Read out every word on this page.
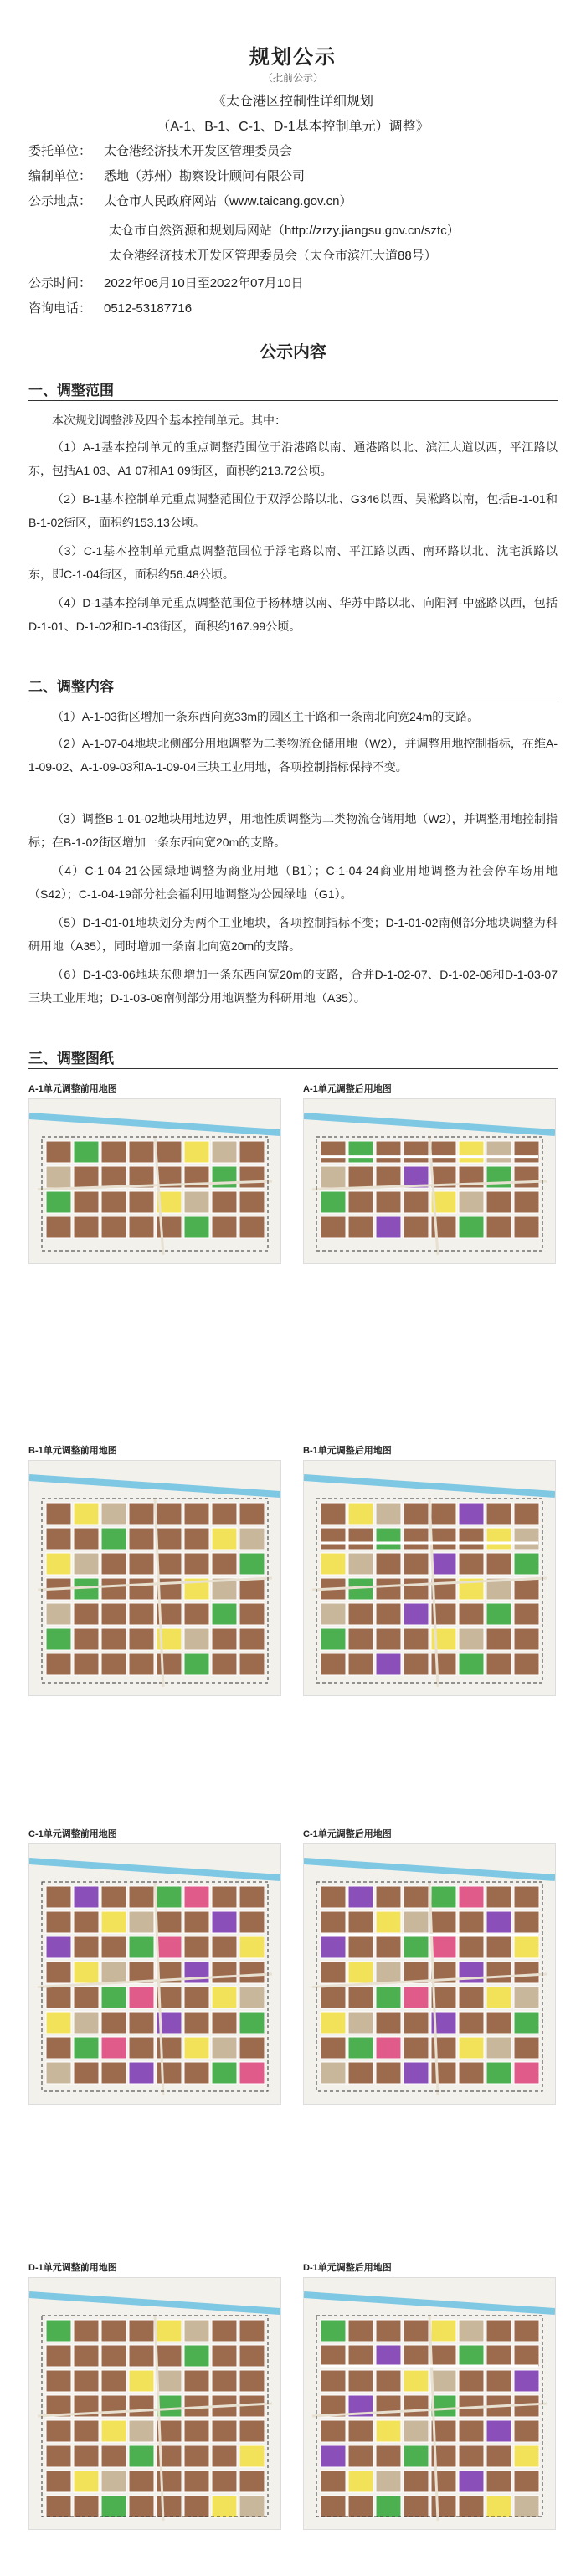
规划公示
（批前公示）
《太仓港区控制性详细规划
（A-1、B-1、C-1、D-1基本控制单元）调整》
委托单位： 太仓港经济技术开发区管理委员会
编制单位： 悉地（苏州）勘察设计顾问有限公司
公示地点： 太仓市人民政府网站（www.taicang.gov.cn）
太仓市自然资源和规划局网站（http://zrzy.jiangsu.gov.cn/sztc）
太仓港经济技术开发区管理委员会（太仓市滨江大道88号）
公示时间： 2022年06月10日至2022年07月10日
咨询电话： 0512-53187716
公示内容
一、调整范围
本次规划调整涉及四个基本控制单元。其中：
（1）A-1基本控制单元的重点调整范围位于沿港路以南、通港路以北、滨江大道以西，平江路以东，包括A1 03、A1 07和A1 09街区，面积约213.72公顷。
（2）B-1基本控制单元重点调整范围位于双浮公路以北、G346以西、吴淞路以南，包括B-1-01和B-1-02街区，面积约153.13公顷。
（3）C-1基本控制单元重点调整范围位于浮宅路以南、平江路以西、南环路以北、沈宅浜路以东，即C-1-04街区，面积约56.48公顷。
（4）D-1基本控制单元重点调整范围位于杨林塘以南、华苏中路以北、向阳河-中盛路以西，包括D-1-01、D-1-02和D-1-03街区，面积约167.99公顷。
二、调整内容
（1）A-1-03街区增加一条东西向宽33m的园区主干路和一条南北向宽24m的支路。
（2）A-1-07-04地块北侧部分用地调整为二类物流仓储用地（W2），并调整用地控制指标，在维A-1-09-02、A-1-09-03和A-1-09-04三块工业用地，各项控制指标保持不变。
（3）调整B-1-01-02地块用地边界，用地性质调整为二类物流仓储用地（W2），并调整用地控制指标；在B-1-02街区增加一条东西向宽20m的支路。
（4）C-1-04-21公园绿地调整为商业用地（B1）；C-1-04-24商业用地调整为社会停车场用地（S42）；C-1-04-19部分社会福利用地调整为公园绿地（G1）。
（5）D-1-01-01地块划分为两个工业地块，各项控制指标不变；D-1-01-02南侧部分地块调整为科研用地（A35），同时增加一条南北向宽20m的支路。
（6）D-1-03-06地块东侧增加一条东西向宽20m的支路，合并D-1-02-07、D-1-02-08和D-1-03-07三块工业用地；D-1-03-08南侧部分用地调整为科研用地（A35）。
三、调整图纸
A-1单元调整前用地图	A-1单元调整后用地图
B-1单元调整前用地图	B-1单元调整后用地图
C-1单元调整前用地图	C-1单元调整后用地图
D-1单元调整前用地图	D-1单元调整后用地图
